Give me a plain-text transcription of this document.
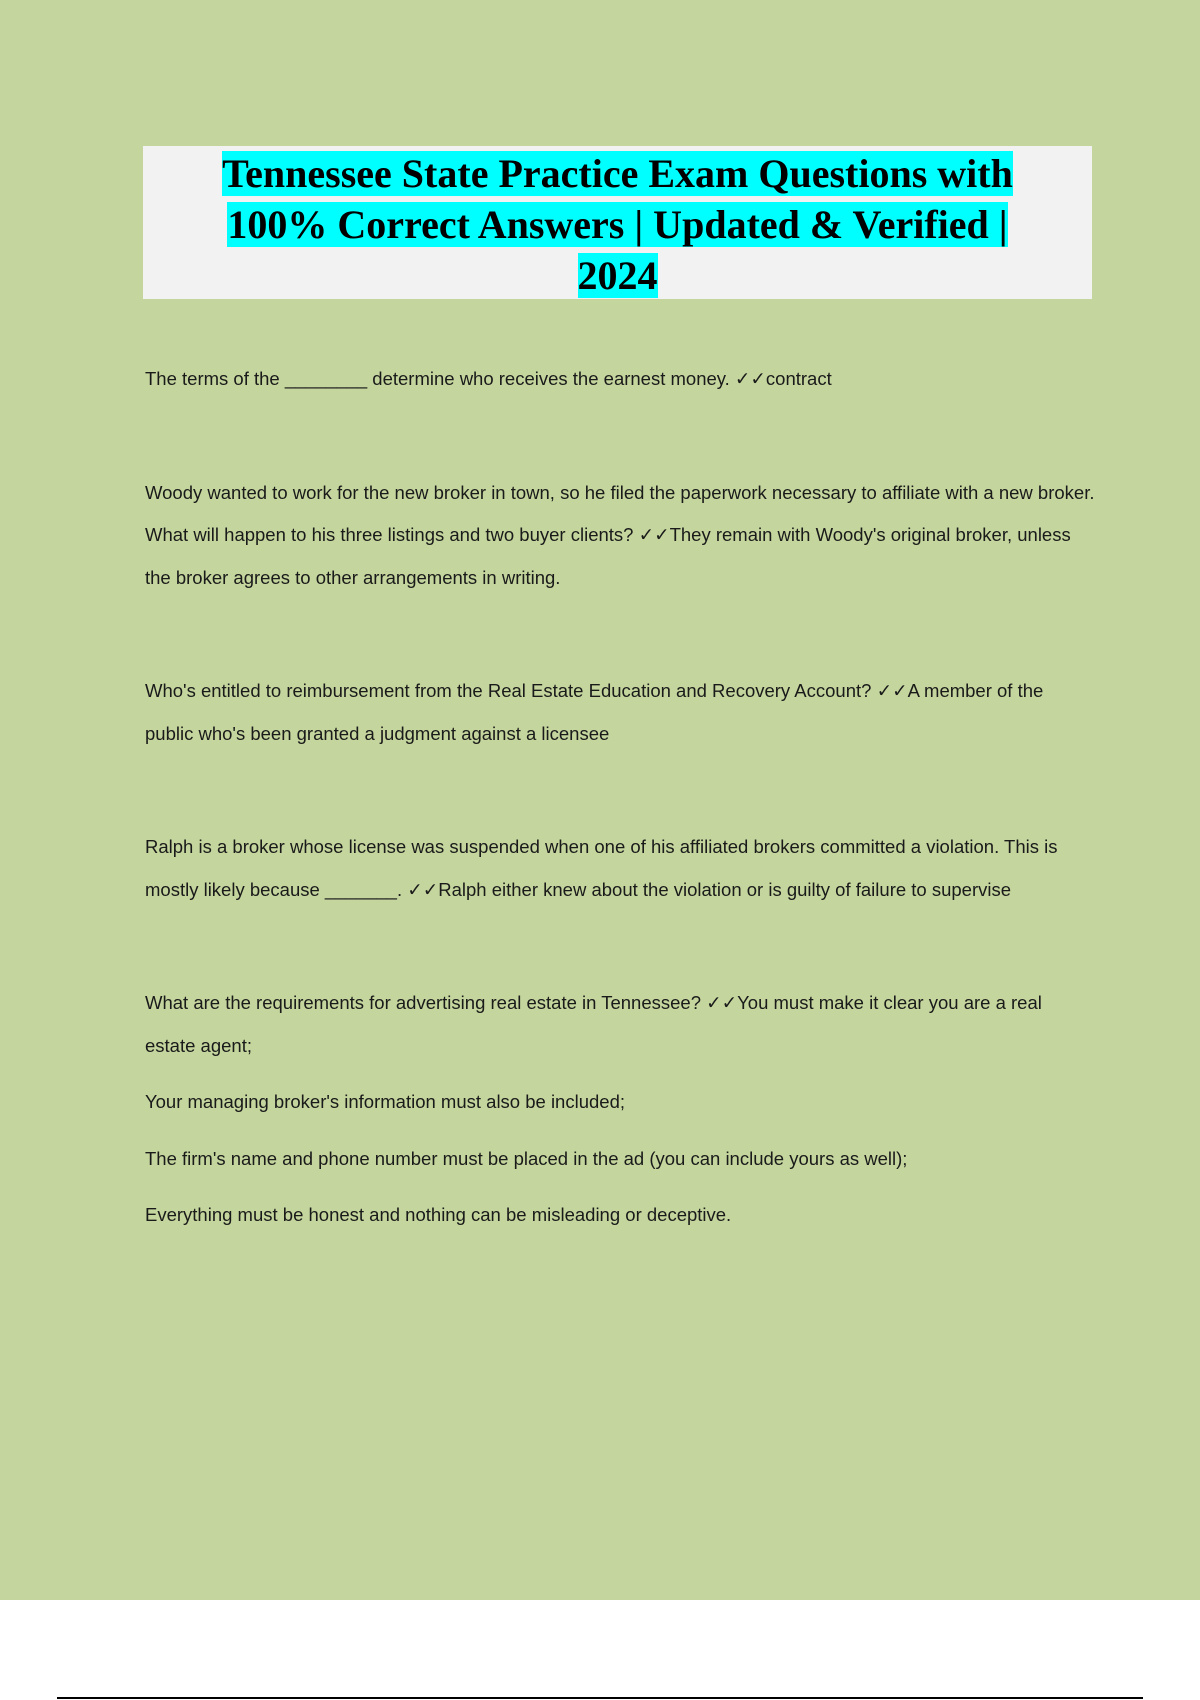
Tennessee State Practice Exam Questions with
100% Correct Answers | Updated & Verified |
2024

The terms of the ________ determine who receives the earnest money. ✓✓contract

Woody wanted to work for the new broker in town, so he filed the paperwork necessary to affiliate with a new broker. What will happen to his three listings and two buyer clients? ✓✓They remain with Woody's original broker, unless the broker agrees to other arrangements in writing.

Who's entitled to reimbursement from the Real Estate Education and Recovery Account? ✓✓A member of the public who's been granted a judgment against a licensee

Ralph is a broker whose license was suspended when one of his affiliated brokers committed a violation. This is mostly likely because _______. ✓✓Ralph either knew about the violation or is guilty of failure to supervise

What are the requirements for advertising real estate in Tennessee? ✓✓You must make it clear you are a real estate agent;

Your managing broker's information must also be included;

The firm's name and phone number must be placed in the ad (you can include yours as well);

Everything must be honest and nothing can be misleading or deceptive.
